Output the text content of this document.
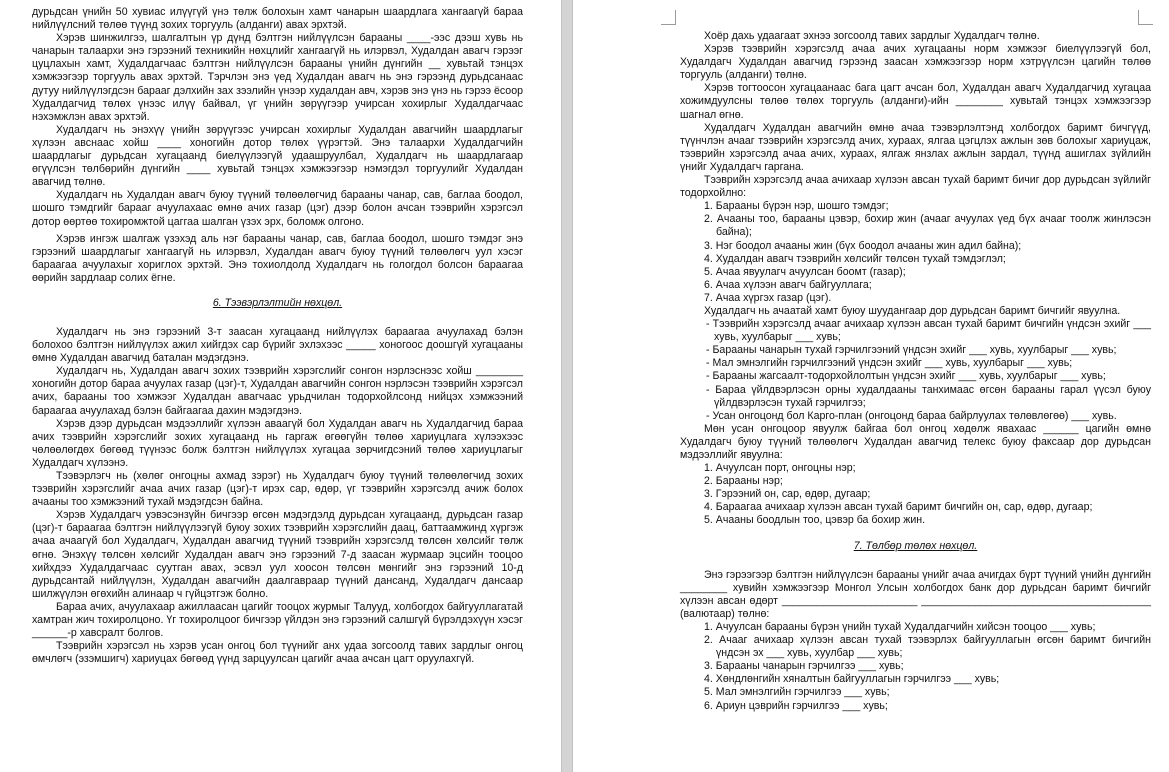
дурьдсан үнийн 50 хувиас илүүгүй үнэ төлж болохын хамт чанарын шаардлага хангаагүй бараа нийлүүлсний төлөө түүнд зохих торгууль (алданги) авах эрхтэй.

Хэрэв шинжилгээ, шалгалтын үр дүнд бэлтгэн нийлүүлсэн барааны ____-ээс дээш хувь нь чанарын талаархи энэ гэрээний техникийн нөхцлийг хангаагүй нь илэрвэл, Худалдан авагч гэрээг цуцлахын хамт, Худалдагчаас бэлтгэн нийлүүлсэн барааны үнийн дүнгийн __ хувьтай тэнцэх хэмжээгээр торгууль авах эрхтэй. Тэрчлэн энэ үед Худалдан авагч нь энэ гэрээнд дурьдсанаас дутуу нийлүүлэгдсэн барааг дэлхийн зах зээлийн үнээр худалдан авч, хэрэв энэ үнэ нь гэрээ ёсоор Худалдагчид төлөх үнээс илүү байвал, үг үнийн зөрүүгээр учирсан хохирлыг Худалдагчаас нэхэмжлэн авах эрхтэй.

Худалдагч нь энэхүү үнийн зөрүүгээс учирсан хохирлыг Худалдан авагчийн шаардлагыг хүлээн авснаас хойш ____ хоногийн дотор төлөх үүрэгтэй. Энэ талаархи Худалдагчийн шаардлагыг дурьдсан хугацаанд биелүүлээгүй удаашруулбал, Худалдагч нь шаардлагаар өгүүлсэн төлбөрийн дүнгийн ____ хувьтай тэнцэх хэмжээгээр нэмэгдэл торгуулийг Худалдан авагчид төлнө.

Худалдагч нь Худалдан авагч буюу түүний төлөөлөгчид барааны чанар, сав, баглаа боодол, шошго тэмдгийг барааг ачуулахаас өмнө ачих газар (цэг) дээр болон ачсан тээврийн хэрэгсэл дотор өөртөө тохиромжтой цаггаа шалган үзэх эрх, боломж олгоно.

Хэрэв ингэж шалгаж үзэхэд аль нэг барааны чанар, сав, баглаа боодол, шошго тэмдэг энэ гэрээний шаардлагыг хангаагүй нь илэрвэл, Худалдан авагч буюу түүний төлөөлөгч уул хэсэг бараагаа ачуулахыг хориглох эрхтэй. Энэ тохиолдолд Худалдагч нь гологдол болсон бараагаа өөрийн зардлаар солих ёгне.

6. Тээвэрлэлтийн нөхцөл.

Худалдагч нь энэ гэрээний 3-т заасан хугацаанд нийлүүлэх бараагаа ачуулахад бэлэн болохоо бэлтгэн нийлүүлэх ажил хийгдэх сар бүрийг эхлэхээс _____ хоногоос доошгүй хугацааны өмнө Худалдан авагчид баталан мэдэгдэнэ.

Худалдагч нь, Худалдан авагч зохих тээврийн хэрэгслийг сонгон нэрлэснээс хойш ________ хоногийн дотор бараа ачуулах газар (цэг)-т, Худалдан авагчийн сонгон нэрлэсэн тээврийн хэрэгсэл ачих, барааны тоо хэмжээг Худалдан авагчаас урьдчилан тодорхойлсонд нийцэх хэмжээний бараагаа ачуулахад бэлэн байгаагаа дахин мэдэгдэнэ.

Хэрэв дээр дурьдсан мэдээллийг хүлээн аваагүй бол Худалдан авагч нь Худалдагчид бараа ачих тээврийн хэрэгслийг зохих хугацаанд нь гаргаж өгөөгүйн төлөө хариуцлага хүлээхээс чөлөөлөгдөх бөгөөд түүнээс болж бэлтгэн нийлүүлэх хугацаа зөрчигдсэний төлөө хариуцлагыг Худалдагч хүлээнэ.

Тээвэрлэгч нь (хөлөг онгоцны ахмад зэрэг) нь Худалдагч буюу түүний төлөөлөгчид зохих тээврийн хэрэгслийг ачаа ачих газар (цэг)-т ирэх сар, өдөр, үг тээврийн хэрэгсэлд ачиж болох ачааны тоо хэмжээний тухай мэдэгдсэн байна.

Хэрэв Худалдагч уэвэсэнзүйн бичгээр өгсөн мэдэгдэлд дурьдсан хугацаанд, дурьдсан газар (цэг)-т бараагаа бэлтгэн нийлүүлээгүй буюу зохих тээврийн хэрэгслийн даац, баттаамжинд хүргэж ачаа ачаагүй бол Худалдагч, Худалдан авагчид түүний тээврийн хэрэгсэлд төлсөн хөлсийг төлж өгнө. Энэхүү төлсөн хөлсийг Худалдан авагч энэ гэрээний 7-д заасан журмаар эцсийн тооцоо хийхдээ Худалдагчаас суутган авах, эсвэл уул хоосон төлсөн мөнгийг энэ гэрээний 10-д дурьдсантай нийлүүлэн, Худалдан авагчийн даалгавраар түүний дансанд, Худалдагч дансаар шилжүүлэн өгөхийн алинаар ч гүйцэтгэж болно.

Бараа ачих, ачуулахаар ажиллаасан цагийг тооцох журмыг Талууд, холбогдох байгууллагатай хамтран жич тохиролцоно. Үг тохиролцоог бичгээр үйлдэн энэ гэрээний салшгүй бүрэлдэхүүн хэсэг ______-р хавсралт болгов.

Тээврийн хэрэгсэл нь хэрэв усан онгоц бол түүнийг анх удаа зогсоолд тавих зардлыг онгоц өмчлөгч (эзэмшигч) хариуцах бөгөөд үүнд зарцуулсан цагийг ачаа ачсан цагт оруулахгүй.

Хоёр дахь удаагаат эхнээ зогсоолд тавих зардлыг Худалдагч төлнө.

Хэрэв тээврийн хэрэгсэлд ачаа ачих хугацааны норм хэмжээг биелүүлээгүй бол, Худалдагч Худалдан авагчид гэрээнд заасан хэмжээгээр норм хэтрүүлсэн цагийн төлөө торгууль (алданги) төлнө.

Хэрэв тогтоосон хугацаанаас бага цагт ачсан бол, Худалдан авагч Худалдагчид хугацаа хожимдуулсны төлөө төлөх торгууль (алданги)-ийн ________ хувьтай тэнцэх хэмжээгээр шагнал өгнө.

Худалдагч Худалдан авагчийн өмнө ачаа тээвэрлэлтэнд холбогдох баримт бичгүүд, түүнчлэн ачааг тээврийн хэрэгсэлд ачих, хураах, ялгаа цэгцлэх ажлын зөв болохыг хариуцаж, тээврийн хэрэгсэлд ачаа ачих, хураах, ялгаж янзлах ажлын зардал, түүнд ашиглах зүйлийн үнийг Худалдагч гаргана.

Тээврийн хэрэгсэлд ачаа ачихаар хүлээн авсан тухай баримт бичиг дор дурьдсан зүйлийг тодорхойлно:

1. Барааны бүрэн нэр, шошго тэмдэг;
2. Ачааны тоо, барааны цэвэр, бохир жин (ачааг ачуулах үед бүх ачааг тоолж жинлэсэн байна);
3. Нэг боодол ачааны жин (бүх боодол ачааны жин адил байна);
4. Худалдан авагч тээврийн хөлсийг төлсөн тухай тэмдэглэл;
5. Ачаа явуулагч ачуулсан боомт (газар);
6. Ачаа хүлээн авагч байгууллага;
7. Ачаа хүргэх газар (цэг).

Худалдагч нь ачаатай хамт буюу шуудангаар дор дурьдсан баримт бичгийг явуулна.

- Тээврийн хэрэгсэлд ачааг ачихаар хүлээн авсан тухай баримт бичгийн үндсэн эхийг ___ хувь, хуулбарыг ___ хувь;
- Барааны чанарын тухай гэрчилгээний үндсэн эхийг ___ хувь, хуулбарыг ___ хувь;
- Мал эмнэлгийн гэрчилгээний үндсэн эхийг ___ хувь, хуулбарыг ___ хувь;
- Барааны жагсаалт-тодорхойлолтын үндсэн эхийг ___ хувь, хуулбарыг ___ хувь;
- Бараа үйлдвэрлэсэн орны худалдааны танхимаас өгсөн барааны гарал үүсэл буюу үйлдвэрлэсэн тухай гэрчилгээ;
- Усан онгоцонд бол Карго-план (онгоцонд бараа байрлуулах төлөвлөгөө) ___ хувь.

Мөн усан онгоцоор явуулж байгаа бол онгоц хөдөлж явахаас ______ цагийн өмнө Худалдагч буюу түүний төлөөлөгч Худалдан авагчид телекс буюу факсаар дор дурьдсан мэдээллийг явуулна:

1. Ачуулсан порт, онгоцны нэр;
2. Барааны нэр;
3. Гэрээний он, сар, өдөр, дугаар;
4. Бараагaa ачихаар хүлээн авсан тухай баримт бичгийн он, сар, өдөр, дугаар;
5. Ачааны боодлын тоо, цэвэр ба бохир жин.
7. Төлбөр төлөх нөхцөл.

Энэ гэрээгээр бэлтгэн нийлүүлсэн барааны үнийг ачаа ачигдах бүрт түүний үнийн дүнгийн ________ хувийн хэмжээгээр Монгол Улсын холбогдох банк дор дурьдсан баримт бичгийг хүлээн авсан өдөрт _______________________ _______________________________________ (валютаар) төлнө:

1. Ачуулсан барааны бүрэн үнийн тухай Худалдагчийн хийсэн тооцоо ___ хувь;
2. Ачааг ачихаар хүлээн авсан тухай тээвэрлэх байгууллагын өгсөн баримт бичгийн үндсэн эх ___ хувь, хуулбар ___ хувь;
3. Барааны чанарын гэрчилгээ ___ хувь;
4. Хөндлөнгийн хяналтын байгууллагын гэрчилгээ ___ хувь;
5. Мал эмнэлгийн гэрчилгээ ___ хувь;
6. Ариун цэврийн гэрчилгээ ___ хувь;
